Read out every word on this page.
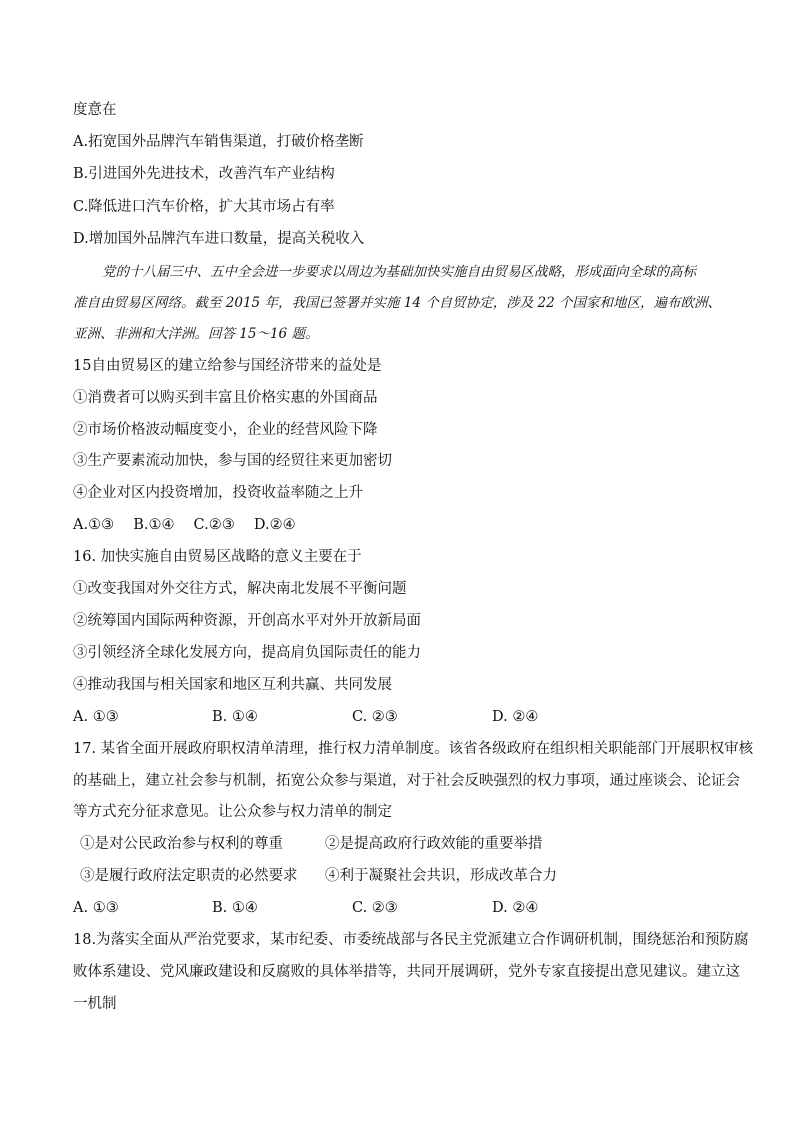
度意在
A.拓宽国外品牌汽车销售渠道，打破价格垄断
B.引进国外先进技术，改善汽车产业结构
C.降低进口汽车价格，扩大其市场占有率
D.增加国外品牌汽车进口数量，提高关税收入
党的十八届三中、五中全会进一步要求以周边为基础加快实施自由贸易区战略，形成面向全球的高标
准自由贸易区网络。截至 2015 年，我国已签署并实施 14 个自贸协定，涉及 22 个国家和地区，遍布欧洲、
亚洲、非洲和大洋洲。回答 15～16 题。
15自由贸易区的建立给参与国经济带来的益处是
①消费者可以购买到丰富且价格实惠的外国商品
②市场价格波动幅度变小，企业的经营风险下降
③生产要素流动加快，参与国的经贸往来更加密切
④企业对区内投资增加，投资收益率随之上升
A.①③　 B.①④　 C.②③　 D.②④
16. 加快实施自由贸易区战略的意义主要在于
①改变我国对外交往方式，解决南北发展不平衡问题
②统筹国内国际两种资源，开创高水平对外开放新局面
③引领经济全球化发展方向，提高肩负国际责任的能力
④推动我国与相关国家和地区互利共赢、共同发展
A. ①③	B. ①④	C. ②③	D. ②④
17. 某省全面开展政府职权清单清理，推行权力清单制度。该省各级政府在组织相关职能部门开展职权审核
的基础上，建立社会参与机制，拓宽公众参与渠道，对于社会反映强烈的权力事项，通过座谈会、论证会
等方式充分征求意见。让公众参与权力清单的制定
①是对公民政治参与权利的尊重	②是提高政府行政效能的重要举措
③是履行政府法定职责的必然要求 ④利于凝聚社会共识，形成改革合力
A. ①③	B. ①④	C. ②③	D. ②④
18.为落实全面从严治党要求，某市纪委、市委统战部与各民主党派建立合作调研机制，围绕惩治和预防腐
败体系建设、党风廉政建设和反腐败的具体举措等，共同开展调研，党外专家直接提出意见建议。建立这
一机制
